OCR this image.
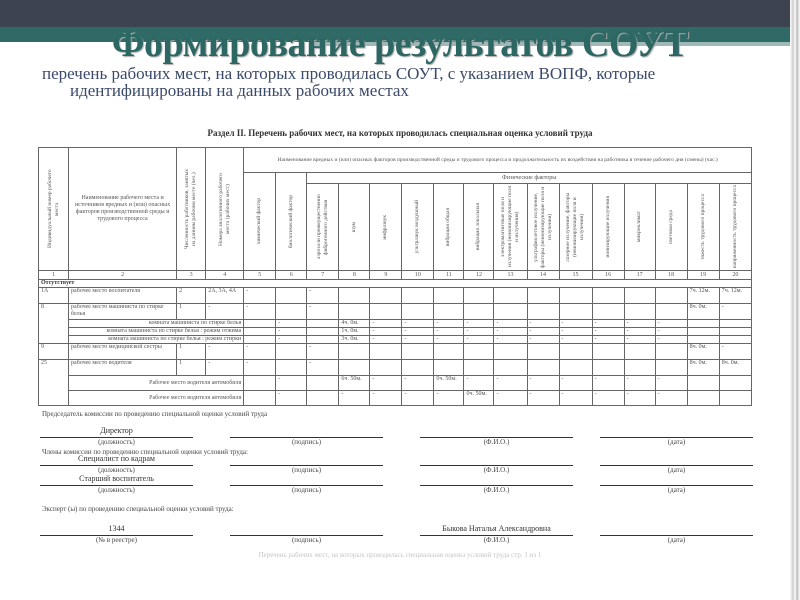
Формирование результатов СОУТ
перечень рабочих мест, на которых проводилась СОУТ, с указанием ВОПФ, которые
идентифицированы на данных рабочих местах
Раздел II. Перечень рабочих мест, на которых проводилась специальная оценка условий труда
Индивидуальный номер рабочего места	Наименование рабочего места и источников вредных и (или) опасных факторов производственной среды и трудового процесса	Численность работников, занятых на данном рабочем месте (чел.)	Номера аналогичного рабочего места (рабочих мест)	Наименование вредных и (или) опасных факторов производственной среды и трудового процесса и продолжительность их воздействия на работника в течение рабочего дня (смены) (час.)															

				химический фактор	биологический фактор	Физические факторы													

						аэрозоли преимущественно фиброгенного действия	шум	инфразвук	ультразвук воздушный	вибрация общая	вибрация локальная	электромагнитные поля и излучения (неионизирующие поля и излучения)	ультрафиолетовое излучение, факторы (неионизирующие поля и излучения)	лазерное излучение, факторы (неионизирующие поля и излучения)	ионизирующие излучения	микроклимат	световая среда	тяжесть трудового процесса	напряженность трудового процесса

1	2	3	4	5	6	7	8	9	10	11	12	13	14	15	16	17	18	19	20
Отсутствует																			
1А	рабочее место воспитателя	2	2А, 3А, 4А	-		-												7ч. 12м.	7ч. 12м.
8	рабочее место машиниста по стирке белья	1	-	-		-												8ч. 0м.	-
	комната машиниста по стирке белья				-		4ч. 0м.	-	-	-	-	-	-	-	-	-	-		
	комната машиниста по стирке белья : режим отжима				-		1ч. 0м.	-	-	-	-	-	-	-	-	-	-		
	комната машиниста по стирке белья : режим стирки				-		3ч. 0м.	-	-	-	-	-	-	-	-	-	-		
9	рабочее место медицинской сестры	1	-	-		-												8ч. 0м.	-
25	рабочее место водителя	1	-	-		-												8ч. 0м.	8ч. 0м.
	Рабочее место водителя автомобиля				-		6ч. 50м.	-	-	0ч. 50м.	-	-	-	-	-	-	-		
	Рабочее место водителя автомобиля				-		-	-	-	-	0ч. 50м.	-	-	-	-	-	-		
Председатель комиссии по проведению специальной оценки условий труда
Члены комиссии по проведению специальной оценки условий труда:
Эксперт (ы) по проведению специальной оценки условий труда:
(должность)
Директор
(подпись)	(Ф.И.О.)	(дата)
(должность)
Специалист по кадрам
(подпись)	(Ф.И.О.)	(дата)
(должность)
Старший воспитатель
(подпись)	(Ф.И.О.)	(дата)
(№ в реестре)
1344
(подпись)	(Ф.И.О.)
Быкова Наталья Александровна
(дата)
Перечень рабочих мест, на которых проводилась специальная оценка условий труда стр. 1 из 1
